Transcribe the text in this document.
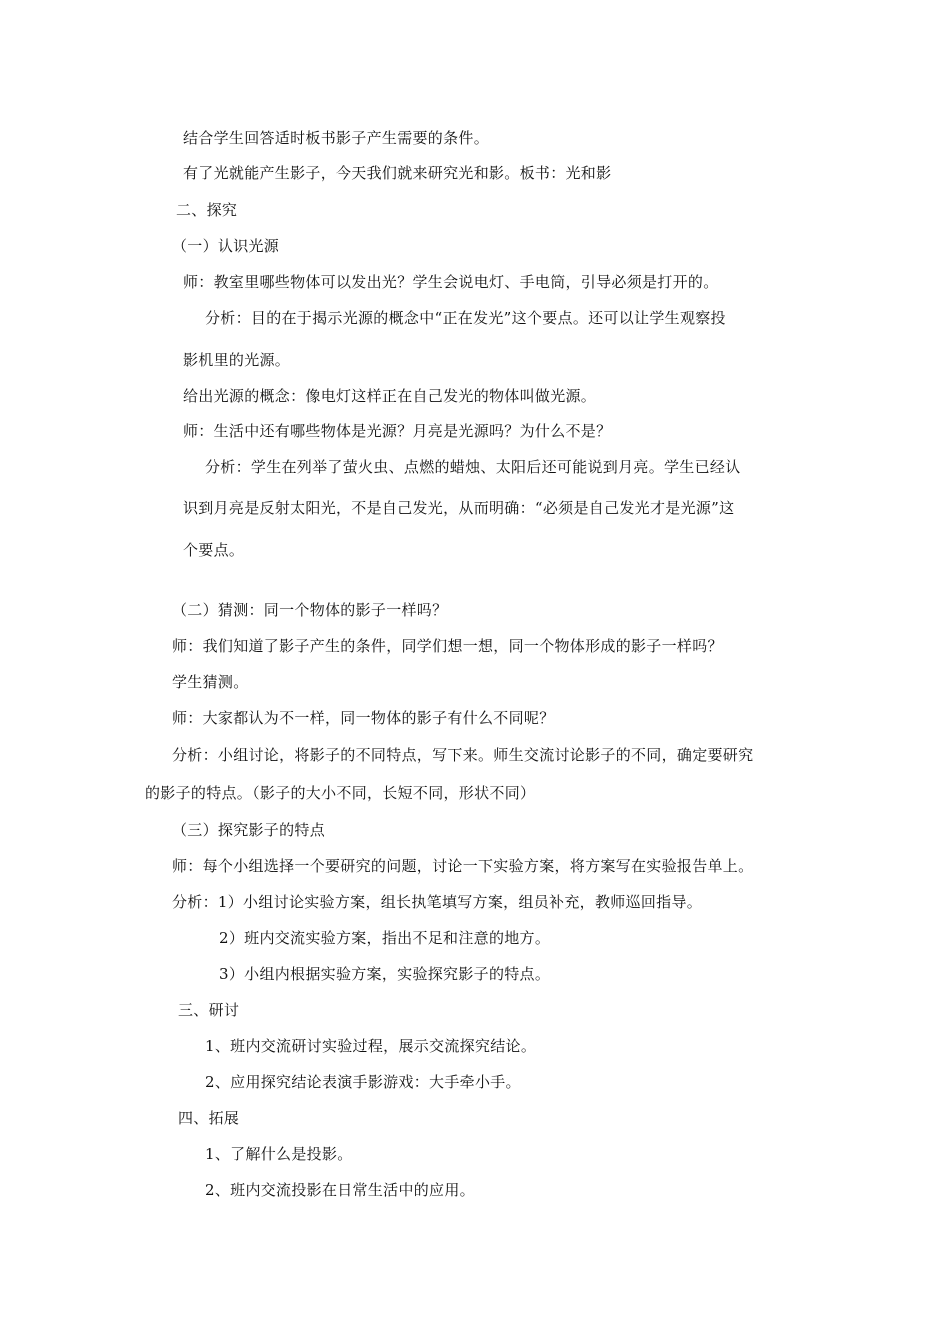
结合学生回答适时板书影子产生需要的条件。
有了光就能产生影子，今天我们就来研究光和影。板书：光和影
二、探究
（一）认识光源
师：教室里哪些物体可以发出光？学生会说电灯、手电筒，引导必须是打开的。
分析：目的在于揭示光源的概念中“正在发光”这个要点。还可以让学生观察投
影机里的光源。
给出光源的概念：像电灯这样正在自己发光的物体叫做光源。
师：生活中还有哪些物体是光源？月亮是光源吗？为什么不是？
分析：学生在列举了萤火虫、点燃的蜡烛、太阳后还可能说到月亮。学生已经认
识到月亮是反射太阳光，不是自己发光，从而明确：“必须是自己发光才是光源”这
个要点。
（二）猜测：同一个物体的影子一样吗？
师：我们知道了影子产生的条件，同学们想一想，同一个物体形成的影子一样吗？
学生猜测。
师：大家都认为不一样，同一物体的影子有什么不同呢？
分析：小组讨论，将影子的不同特点，写下来。师生交流讨论影子的不同，确定要研究
的影子的特点。（影子的大小不同，长短不同，形状不同）
（三）探究影子的特点
师：每个小组选择一个要研究的问题，讨论一下实验方案，将方案写在实验报告单上。
分析：1）小组讨论实验方案，组长执笔填写方案，组员补充，教师巡回指导。
2）班内交流实验方案，指出不足和注意的地方。
3）小组内根据实验方案，实验探究影子的特点。
三、研讨
1、班内交流研讨实验过程，展示交流探究结论。
2、应用探究结论表演手影游戏：大手牵小手。
四、拓展
1、了解什么是投影。
2、班内交流投影在日常生活中的应用。
